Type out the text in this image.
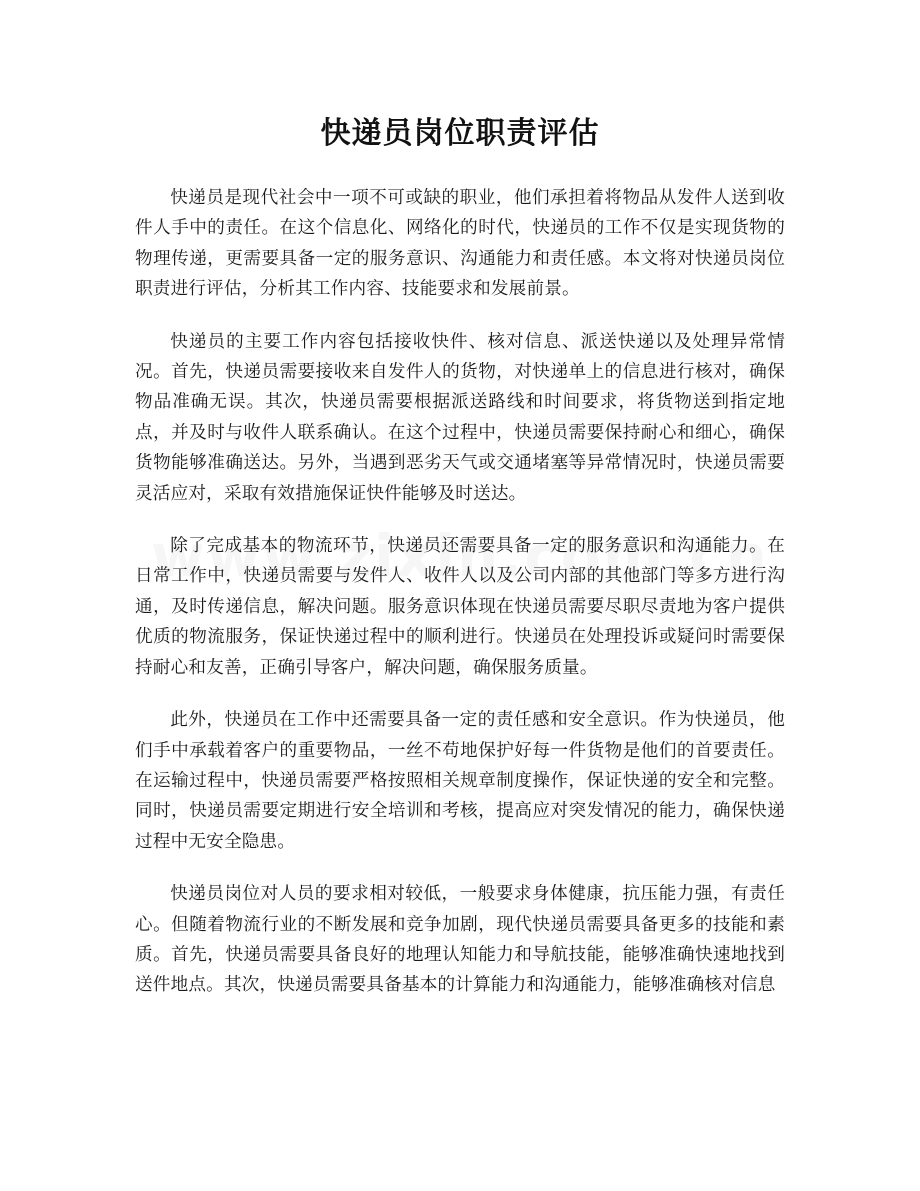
快递员岗位职责评估

快递员是现代社会中一项不可或缺的职业，他们承担着将物品从发件人送到收件人手中的责任。在这个信息化、网络化的时代，快递员的工作不仅是实现货物的物理传递，更需要具备一定的服务意识、沟通能力和责任感。本文将对快递员岗位职责进行评估，分析其工作内容、技能要求和发展前景。

快递员的主要工作内容包括接收快件、核对信息、派送快递以及处理异常情况。首先，快递员需要接收来自发件人的货物，对快递单上的信息进行核对，确保物品准确无误。其次，快递员需要根据派送路线和时间要求，将货物送到指定地点，并及时与收件人联系确认。在这个过程中，快递员需要保持耐心和细心，确保货物能够准确送达。另外，当遇到恶劣天气或交通堵塞等异常情况时，快递员需要灵活应对，采取有效措施保证快件能够及时送达。

除了完成基本的物流环节，快递员还需要具备一定的服务意识和沟通能力。在日常工作中，快递员需要与发件人、收件人以及公司内部的其他部门等多方进行沟通，及时传递信息，解决问题。服务意识体现在快递员需要尽职尽责地为客户提供优质的物流服务，保证快递过程中的顺利进行。快递员在处理投诉或疑问时需要保持耐心和友善，正确引导客户，解决问题，确保服务质量。

此外，快递员在工作中还需要具备一定的责任感和安全意识。作为快递员，他们手中承载着客户的重要物品，一丝不苟地保护好每一件货物是他们的首要责任。在运输过程中，快递员需要严格按照相关规章制度操作，保证快递的安全和完整。同时，快递员需要定期进行安全培训和考核，提高应对突发情况的能力，确保快递过程中无安全隐患。

快递员岗位对人员的要求相对较低，一般要求身体健康，抗压能力强，有责任心。但随着物流行业的不断发展和竞争加剧，现代快递员需要具备更多的技能和素质。首先，快递员需要具备良好的地理认知能力和导航技能，能够准确快速地找到送件地点。其次，快递员需要具备基本的计算能力和沟通能力，能够准确核对信息
